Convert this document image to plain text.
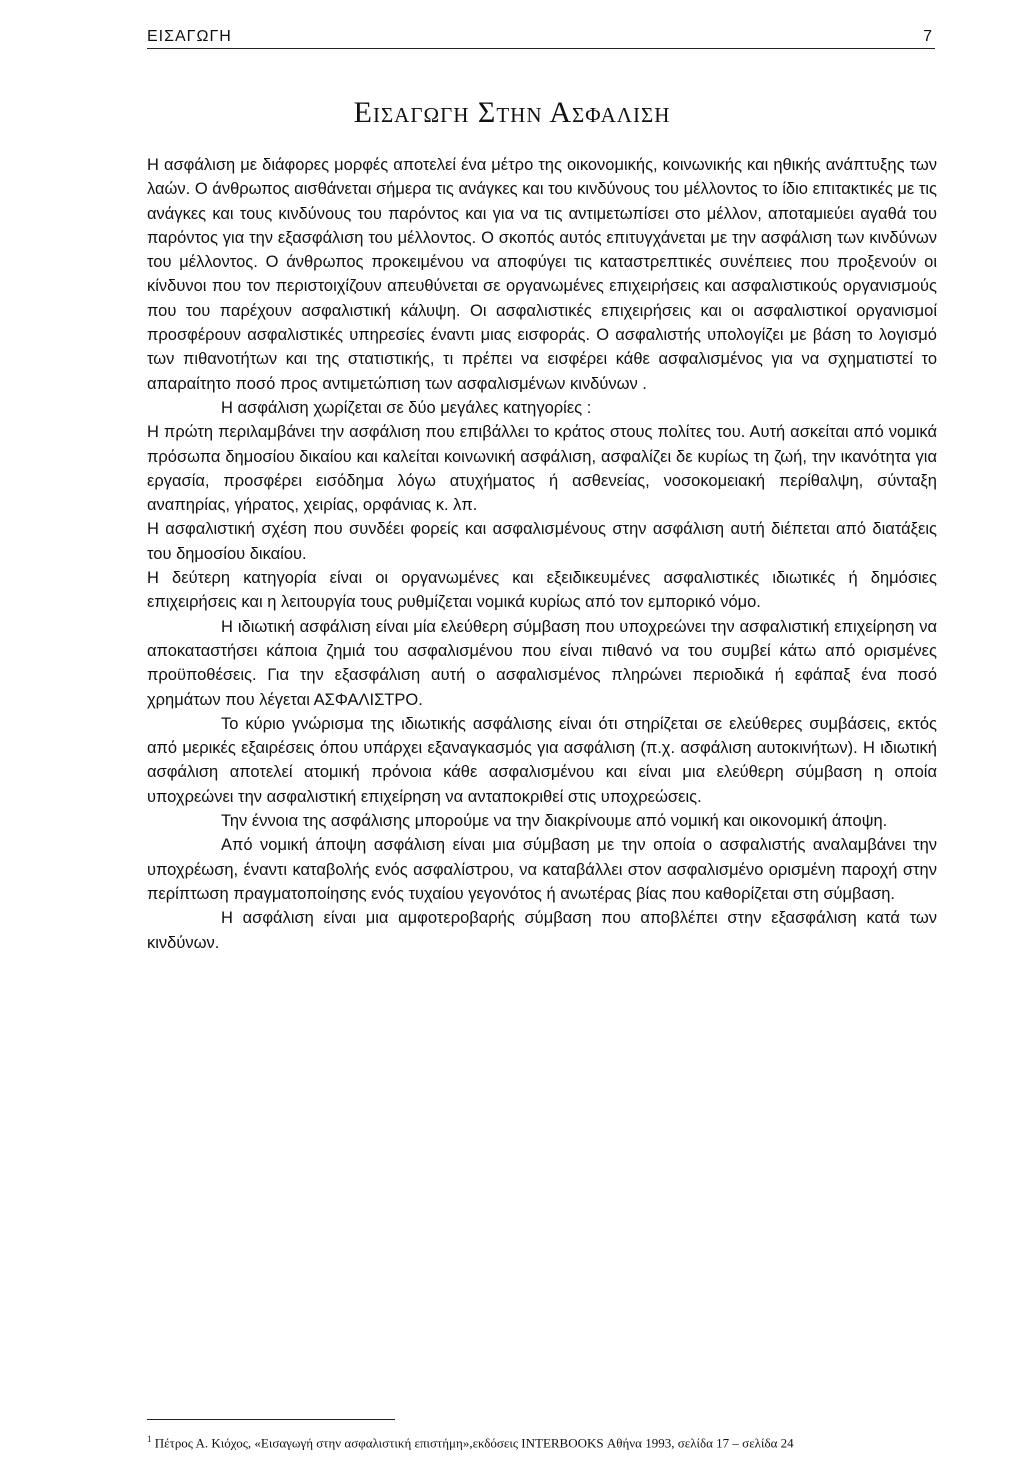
ΕΙΣΑΓΩΓΗ	7
Εισαγωγη Στην Ασφαλιση

Η ασφάλιση με διάφορες μορφές αποτελεί ένα μέτρο της οικονομικής, κοινωνικής και ηθικής ανάπτυξης των λαών. Ο άνθρωπος αισθάνεται σήμερα τις ανάγκες και του κινδύνους του μέλλοντος το ίδιο επιτακτικές με τις ανάγκες και τους κινδύνους του παρόντος και για να τις αντιμετωπίσει στο μέλλον, αποταμιεύει αγαθά του παρόντος για την εξασφάλιση του μέλλοντος. Ο σκοπός αυτός επιτυγχάνεται με την ασφάλιση των κινδύνων του μέλλοντος. Ο άνθρωπος προκειμένου να αποφύγει τις καταστρεπτικές συνέπειες που προξενούν οι κίνδυνοι που τον περιστοιχίζουν απευθύνεται σε οργανωμένες επιχειρήσεις και ασφαλιστικούς οργανισμούς που του παρέχουν ασφαλιστική κάλυψη. Οι ασφαλιστικές επιχειρήσεις και οι ασφαλιστικοί οργανισμοί προσφέρουν ασφαλιστικές υπηρεσίες έναντι μιας εισφοράς. Ο ασφαλιστής υπολογίζει με βάση το λογισμό των πιθανοτήτων και της στατιστικής, τι πρέπει να εισφέρει κάθε ασφαλισμένος για να σχηματιστεί το απαραίτητο ποσό προς αντιμετώπιση των ασφαλισμένων κινδύνων .

Η ασφάλιση χωρίζεται σε δύο μεγάλες κατηγορίες :

Η πρώτη περιλαμβάνει την ασφάλιση που επιβάλλει το κράτος στους πολίτες του. Αυτή ασκείται από νομικά πρόσωπα δημοσίου δικαίου και καλείται κοινωνική ασφάλιση, ασφαλίζει δε κυρίως τη ζωή, την ικανότητα για εργασία, προσφέρει εισόδημα λόγω ατυχήματος ή ασθενείας, νοσοκομειακή περίθαλψη, σύνταξη αναπηρίας, γήρατος, χειρίας, ορφάνιας κ. λπ.

Η ασφαλιστική σχέση που συνδέει φορείς και ασφαλισμένους στην ασφάλιση αυτή διέπεται από διατάξεις του δημοσίου δικαίου.

Η δεύτερη κατηγορία είναι οι οργανωμένες και εξειδικευμένες ασφαλιστικές ιδιωτικές ή δημόσιες επιχειρήσεις και η λειτουργία τους ρυθμίζεται νομικά κυρίως από τον εμπορικό νόμο.

Η ιδιωτική ασφάλιση είναι μία ελεύθερη σύμβαση που υποχρεώνει την ασφαλιστική επιχείρηση να αποκαταστήσει κάποια ζημιά του ασφαλισμένου που είναι πιθανό να του συμβεί κάτω από ορισμένες προϋποθέσεις. Για την εξασφάλιση αυτή ο ασφαλισμένος πληρώνει περιοδικά ή εφάπαξ ένα ποσό χρημάτων που λέγεται ΑΣΦΑΛΙΣΤΡΟ.

Το κύριο γνώρισμα της ιδιωτικής ασφάλισης είναι ότι στηρίζεται σε ελεύθερες συμβάσεις, εκτός από μερικές εξαιρέσεις όπου υπάρχει εξαναγκασμός για ασφάλιση (π.χ. ασφάλιση αυτοκινήτων). Η ιδιωτική ασφάλιση αποτελεί ατομική πρόνοια κάθε ασφαλισμένου και είναι μια ελεύθερη σύμβαση η οποία υποχρεώνει την ασφαλιστική επιχείρηση να ανταποκριθεί στις υποχρεώσεις.

Την έννοια της ασφάλισης μπορούμε να την διακρίνουμε από νομική και οικονομική άποψη.

Από νομική άποψη ασφάλιση είναι μια σύμβαση με την οποία ο ασφαλιστής αναλαμβάνει την υποχρέωση, έναντι καταβολής ενός ασφαλίστρου, να καταβάλλει στον ασφαλισμένο ορισμένη παροχή στην περίπτωση πραγματοποίησης ενός τυχαίου γεγονότος ή ανωτέρας βίας που καθορίζεται στη σύμβαση.

Η ασφάλιση είναι μια αμφοτεροβαρής σύμβαση που αποβλέπει στην εξασφάλιση κατά των κινδύνων.

$^1$ Πέτρος Α. Κιόχος, «Εισαγωγή στην ασφαλιστική επιστήμη»,εκδόσεις INTERBOOKS Αθήνα 1993, σελίδα 17 – σελίδα 24
